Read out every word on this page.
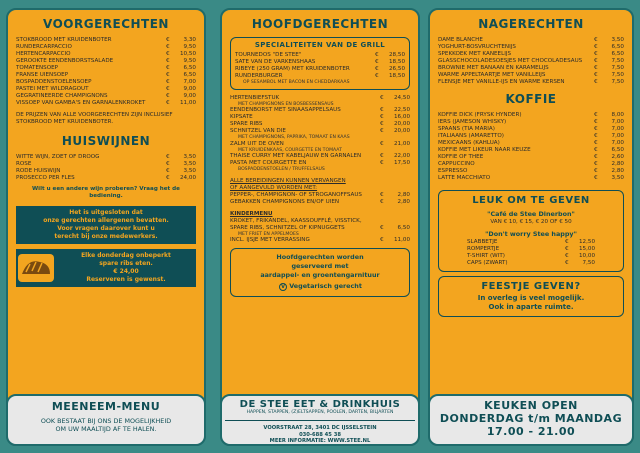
VOORGERECHTEN
STOKBROOD MET KRUIDENBOTER	€	3,30
RUNDERCARPACCIO	€	9,50
HERTENCARPACCIO	€	10,50
GEROOKTE EENDENBORSTSALADE	€	9,50
TOMATENSOEP	€	6,50
FRANSE UIENSOEP	€	6,50
BOSPADDENSTOELENSOEP	€	7,00
PASTEI MET WILDRAGOUT	€	9,00
GEGRATINEERDE CHAMPIGNONS	€	9,00
VISSOEP VAN GAMBA'S EN GARNALENKROKET	€	11,00
DE PRIJZEN VAN ALLE VOORGERECHTEN ZIJN INCLUSIEF STOKBROOD MET KRUIDENBOTER.
HUISWIJNEN
WITTE WIJN, ZOET OF DROOG	€	3,50
ROSÉ	€	3,50
RODE HUISWIJN	€	3,50
PROSECCO PER FLES	€	24,00
Wilt u een andere wijn proberen? Vraag het de bediening.
Het is uitgesloten dat
onze gerechten allergenen bevatten.
Voor vragen daarover kunt u
terecht bij onze medewerkers.
Elke donderdag onbeperkt
spare ribs eten.
€ 24,00
Reserveren is gewenst.
HOOFDGERECHTEN
SPECIALITEITEN VAN DE GRILL
TOURNEDOS "DE STEE"	€	28,50
SATÉ VAN DE VARKENSHAAS	€	18,50
RIBEYE (250 GRAM) MET KRUIDENBOTER	€	26,50
RUNDERBURGER	€	18,50
OP SESAMBOL MET BACON EN CHEDDARKAAS
HERTENBIEFSTUK	€	24,50
MET CHAMPIGNONS EN BOSBESSENSAUS
EENDENBORST MET SINAASAPPELSAUS	€	22,50
KIPSATÉ	€	16,00
SPARE RIBS	€	20,00
SCHNITZEL VAN DIE	€	20,00
MET CHAMPIGNONS, PAPRIKA, TOMAAT EN KAAS
ZALM UIT DE OVEN	€	21,00
MET KRUIDENKAAS, COURGETTE EN TOMAAT
THAISE CURRY MET KABELJAUW EN GARNALEN	€	22,00
PASTA MET COURGETTE EN	€	17,50
BOSPADDENSTOELEN / TRUFFELSAUS
ALLE BEREIDINGEN KUNNEN VERVANGEN
OF AANGEVULD WORDEN MET:
PEPPER-, CHAMPIGNON- OF STROGANOFFSAUS	€	2,80
GEBAKKEN CHAMPIGNONS EN/OF UIEN	€	2,80
KINDERMENU
KROKET, FRIKANDEL, KAASSOUFFLÉ, VISSTICK,
SPARE RIBS, SCHNITZEL OF KIPNUGGETS	€	6,50
MET FRIET EN APPELMOES
INCL. IJSJE MET VERRASSING	€	11,00
Hoofdgerechten worden
geserveerd met
aardappel- en groentengarnituur
V Vegetarisch gerecht
NAGERECHTEN
DAME BLANCHE	€	3,50
YOGHURT-BOSVRUCHTENIJS	€	6,50
SPEKKOEK MET KANEELIJS	€	6,50
GLASSCHOCOLADESOESJES MET CHOCOLADESAUS	€	7,50
BROWNIE MET BANAAN EN KARAMELIJS	€	7,50
WARME APPELTAARTJE MET VANILLEIJS	€	7,50
FLENSJE MET VANILLE-IJS EN WARME KERSEN	€	7,50
KOFFIE
KOFFIE DICK (FRYSK HYNDER)	€	8,00
IERS (JAMESON WHISKY)	€	7,00
SPAANS (TIA MARIA)	€	7,00
ITALIAANS (AMARETTO)	€	7,00
MEXICAANS (KAHLÚA)	€	7,00
KOFFIE MET LIKEUR NAAR KEUZE	€	6,50
KOFFIE OF THEE	€	2,60
CAPPUCCINO	€	2,80
ESPRESSO	€	2,80
LATTE MACCHIATO	€	3,50
LEUK OM TE GEVEN
"Café de Stee Dinerbon"
VAN € 10, € 15, € 20 OF € 50
"Don't worry Stee happy"
SLABBETJE	€	12,50
ROMPERTJE	€	15,00
T-SHIRT (WIT)	€	10,00
CAPS (ZWART)	€	7,50
FEESTJE GEVEN?
In overleg is veel mogelijk.
Ook in aparte ruimte.
MEENEEM-MENU
OOK BESTAAT BIJ ONS DE MOGELIJKHEID
OM UW MAALTIJD AF TE HALEN.
DE STEE EET & DRINKHUIS
HAPPEN, STAPPEN, (Z)ELTSAPPEN, POOLEN, DARTEN, BILJARTEN
VOORSTRAAT 28, 3401 DC IJSSELSTEIN
030-688 45 38
MEER INFORMATIE: WWW.STEE.NL
KEUKEN OPEN
DONDERDAG t/m MAANDAG
17.00 - 21.00
